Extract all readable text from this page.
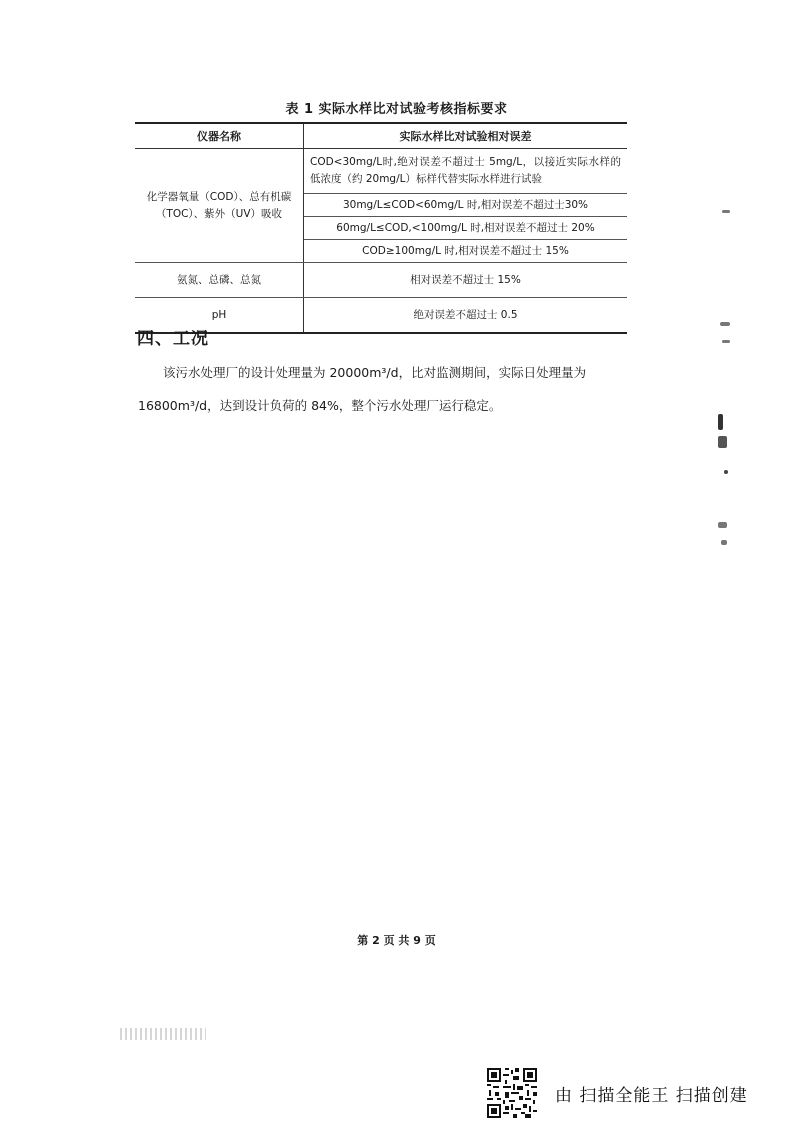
表 1 实际水样比对试验考核指标要求
仪器名称	实际水样比对试验相对误差
化学器氧量（COD）、总有机碳（TOC）、紫外（UV）吸收	COD<30mg/L时,绝对误差不超过士 5mg/L，以接近实际水样的低浓度（约 20mg/L）标样代替实际水样进行试验
	30mg/L≤COD<60mg/L 时,相对误差不超过士30%
	60mg/L≤COD,<100mg/L 时,相对误差不超过士 20%
	COD≥100mg/L 时,相对误差不超过士 15%
氨氮、总磷、总氮	相对误差不超过士 15%
pH	绝对误差不超过士 0.5
四、工况
该污水处理厂的设计处理量为 20000m³/d，比对监测期间，实际日处理量为 16800m³/d，达到设计负荷的 84%，整个污水处理厂运行稳定。
第 2 页 共 9 页
由 扫描全能王 扫描创建
